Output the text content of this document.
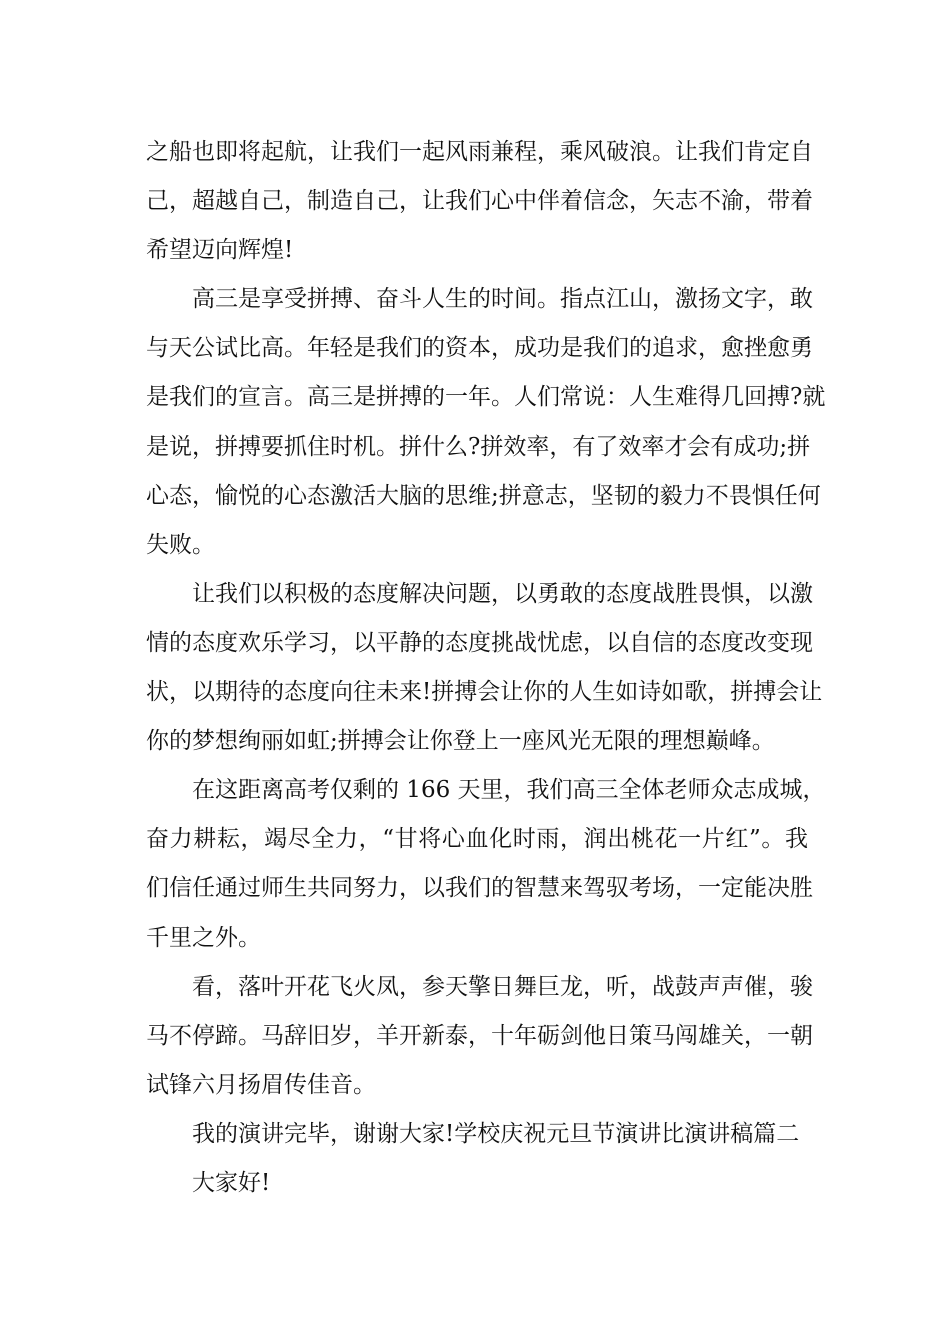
之船也即将起航，让我们一起风雨兼程，乘风破浪。让我们肯定自
己，超越自己，制造自己，让我们心中伴着信念，矢志不渝，带着
希望迈向辉煌!
高三是享受拼搏、奋斗人生的时间。指点江山，激扬文字，敢
与天公试比高。年轻是我们的资本，成功是我们的追求，愈挫愈勇
是我们的宣言。高三是拼搏的一年。人们常说：人生难得几回搏?就
是说，拼搏要抓住时机。拼什么?拼效率，有了效率才会有成功;拼
心态，愉悦的心态激活大脑的思维;拼意志，坚韧的毅力不畏惧任何
失败。
让我们以积极的态度解决问题，以勇敢的态度战胜畏惧，以激
情的态度欢乐学习，以平静的态度挑战忧虑，以自信的态度改变现
状，以期待的态度向往未来!拼搏会让你的人生如诗如歌，拼搏会让
你的梦想绚丽如虹;拼搏会让你登上一座风光无限的理想巅峰。
在这距离高考仅剩的 166 天里，我们高三全体老师众志成城，
奋力耕耘，竭尽全力，“甘将心血化时雨，润出桃花一片红”。我
们信任通过师生共同努力，以我们的智慧来驾驭考场，一定能决胜
千里之外。
看，落叶开花飞火凤，参天擎日舞巨龙，听，战鼓声声催，骏
马不停蹄。马辞旧岁，羊开新泰，十年砺剑他日策马闯雄关，一朝
试锋六月扬眉传佳音。
我的演讲完毕，谢谢大家!学校庆祝元旦节演讲比演讲稿篇二
大家好!
